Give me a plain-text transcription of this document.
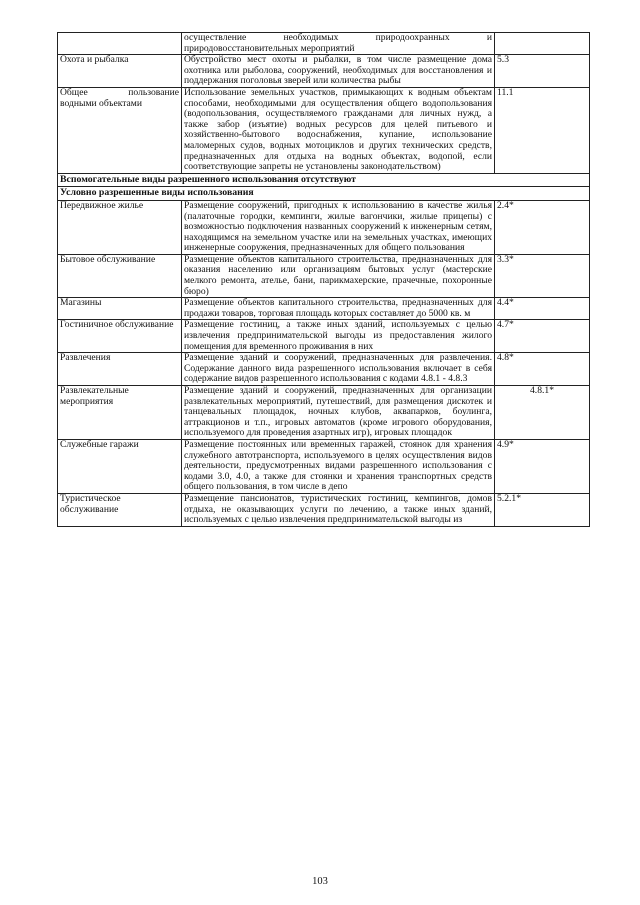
	осуществление необходимых природоохранных и природовосстановительных мероприятий	
Охота и рыбалка	Обустройство мест охоты и рыбалки, в том числе размещение дома охотника или рыболова, сооружений, необходимых для восстановления и поддержания поголовья зверей или количества рыбы	5.3
Общее пользование водными объектами	Использование земельных участков, примыкающих к водным объектам способами, необходимыми для осуществления общего водопользования (водопользования, осуществляемого гражданами для личных нужд, а также забор (изъятие) водных ресурсов для целей питьевого и хозяйственно-бытового водоснабжения, купание, использование маломерных судов, водных мотоциклов и других технических средств, предназначенных для отдыха на водных объектах, водопой, если соответствующие запреты не установлены законодательством)	11.1
Вспомогательные виды разрешенного использования отсутствуют		
Условно разрешенные виды использования		
Передвижное жилье	Размещение сооружений, пригодных к использованию в качестве жилья (палаточные городки, кемпинги, жилые вагончики, жилые прицепы) с возможностью подключения названных сооружений к инженерным сетям, находящимся на земельном участке или на земельных участках, имеющих инженерные сооружения, предназначенных для общего пользования	2.4*
Бытовое обслуживание	Размещение объектов капитального строительства, предназначенных для оказания населению или организациям бытовых услуг (мастерские мелкого ремонта, ателье, бани, парикмахерские, прачечные, похоронные бюро)	3.3*
Магазины	Размещение объектов капитального строительства, предназначенных для продажи товаров, торговая площадь которых составляет до 5000 кв. м	4.4*
Гостиничное обслуживание	Размещение гостиниц, а также иных зданий, используемых с целью извлечения предпринимательской выгоды из предоставления жилого помещения для временного проживания в них	4.7*
Развлечения	Размещение зданий и сооружений, предназначенных для развлечения. Содержание данного вида разрешенного использования включает в себя содержание видов разрешенного использования с кодами 4.8.1 - 4.8.3	4.8*
Развлекательные мероприятия	Размещение зданий и сооружений, предназначенных для организации развлекательных мероприятий, путешествий, для размещения дискотек и танцевальных площадок, ночных клубов, аквапарков, боулинга, аттракционов и т.п., игровых автоматов (кроме игрового оборудования, используемого для проведения азартных игр), игровых площадок	4.8.1*
Служебные гаражи	Размещение постоянных или временных гаражей, стоянок для хранения служебного автотранспорта, используемого в целях осуществления видов деятельности, предусмотренных видами разрешенного использования с кодами 3.0, 4.0, а также для стоянки и хранения транспортных средств общего пользования, в том числе в депо	4.9*
Туристическое обслуживание	Размещение пансионатов, туристических гостиниц, кемпингов, домов отдыха, не оказывающих услуги по лечению, а также иных зданий, используемых с целью извлечения предпринимательской выгоды из	5.2.1*
103
